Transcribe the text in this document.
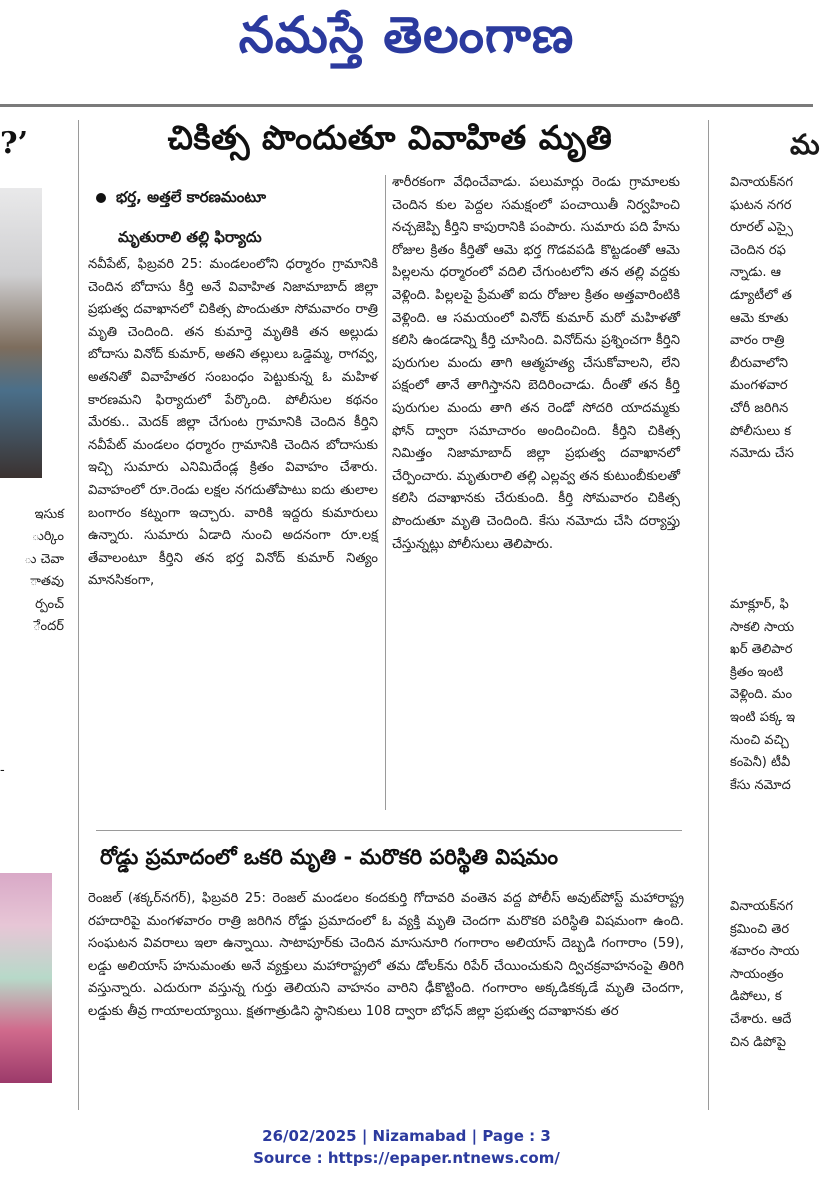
నమస్తే తెలంగాణ
?’
ఇసుక
ుర్కిం
ు చెవా
ాతవు
ర్పంచ్
ేందర్
-
చికిత్స పొందుతూ వివాహిత మృతి
భర్త, అత్తలే కారణమంటూ
మృతురాలి తల్లి ఫిర్యాదు

నవీపేట్, ఫిబ్రవరి 25: మండలంలోని ధర్మారం గ్రామానికి చెందిన బోదాసు కీర్తి అనే వివాహిత నిజామాబాద్ జిల్లా ప్రభుత్వ దవాఖానలో చికిత్స పొందుతూ సోమవారం రాత్రి మృతి చెందింది. తన కుమార్తె మృతికి తన అల్లుడు బోదాసు వినోద్ కుమార్, అతని తల్లులు ఒడ్డెమ్మ, రాగవ్వ, అతనితో వివాహేతర సంబంధం పెట్టుకున్న ఓ మహిళ కారణమని ఫిర్యాదులో పేర్కొంది. పోలీసుల కథనం మేరకు.. మెదక్ జిల్లా చేగుంట గ్రామానికి చెందిన కీర్తిని నవీపేట్ మండలం ధర్మారం గ్రామానికి చెందిన బోదాసుకు ఇచ్చి సుమారు ఎనిమిదేండ్ల క్రితం వివాహం చేశారు. వివాహంలో రూ.రెండు లక్షల నగదుతోపాటు ఐదు తులాల బంగారం కట్నంగా ఇచ్చారు. వారికి ఇద్దరు కుమారులు ఉన్నారు. సుమారు ఏడాది నుంచి అదనంగా రూ.లక్ష తేవాలంటూ కీర్తిని తన భర్త వినోద్ కుమార్ నిత్యం మానసికంగా,

శారీరకంగా వేధించేవాడు. పలుమార్లు రెండు గ్రామాలకు చెందిన కుల పెద్దల సమక్షంలో పంచాయితీ నిర్వహించి నచ్చజెప్పి కీర్తిని కాపురానికి పంపారు. సుమారు పది హేను రోజుల క్రితం కీర్తితో ఆమె భర్త గొడవపడి కొట్టడంతో ఆమె పిల్లలను ధర్మారంలో వదిలి చేగుంటలోని తన తల్లి వద్దకు వెళ్లింది. పిల్లలపై ప్రేమతో ఐదు రోజుల క్రితం అత్తవారింటికి వెళ్లింది. ఆ సమయంలో వినోద్ కుమార్ మరో మహిళతో కలిసి ఉండడాన్ని కీర్తి చూసింది. వినోద్‌ను ప్రశ్నించగా కీర్తిని పురుగుల మందు తాగి ఆత్మహత్య చేసుకోవాలని, లేని పక్షంలో తానే తాగిస్తానని బెదిరించాడు. దీంతో తన కీర్తి పురుగుల మందు తాగి తన రెండో సోదరి యాదమ్మకు ఫోన్ ద్వారా సమాచారం అందించింది. కీర్తిని చికిత్స నిమిత్తం నిజామాబాద్ జిల్లా ప్రభుత్వ దవాఖానలో చేర్పించారు. మృతురాలి తల్లి ఎల్లవ్వ తన కుటుంబీకులతో కలిసి దవాఖానకు చేరుకుంది. కీర్తి సోమవారం చికిత్స పొందుతూ మృతి చెందింది. కేసు నమోదు చేసి దర్యాప్తు చేస్తున్నట్లు పోలీసులు తెలిపారు.

రోడ్డు ప్రమాదంలో ఒకరి మృతి - మరొకరి పరిస్థితి విషమం

రెంజల్ (శక్కర్‌నగర్), ఫిబ్రవరి 25: రెంజల్ మండలం కందకుర్తి గోదావరి వంతెన వద్ద పోలీస్ అవుట్‌పోస్ట్ మహారాష్ట్ర రహదారిపై మంగళవారం రాత్రి జరిగిన రోడ్డు ప్రమాదంలో ఓ వ్యక్తి మృతి చెందగా మరొకరి పరిస్థితి విషమంగా ఉంది. సంఘటన వివరాలు ఇలా ఉన్నాయి. సాటాపూర్‌కు చెందిన మాసునూరి గంగారాం అలియాస్ దెబ్బడి గంగారాం (59), లడ్డు అలియాస్ హనుమంతు అనే వ్యక్తులు మహారాష్ట్రలో తమ డోలక్‌ను రిపేర్ చేయించుకుని ద్విచక్రవాహనంపై తిరిగి వస్తున్నారు. ఎదురుగా వస్తున్న గుర్తు తెలియని వాహనం వారిని ఢీకొట్టింది. గంగారాం అక్కడికక్కడే మృతి చెందగా, లడ్డుకు తీవ్ర గాయాలయ్యాయి. క్షతగాత్రుడిని స్థానికులు 108 ద్వారా బోధన్ జిల్లా ప్రభుత్వ దవాఖానకు తర

మ
వినాయక్‌నగ
ఘటన నగర
రూరల్ ఎస్సై
చెందిన రఫ
న్నాడు. ఆ
డ్యూటీలో త
ఆమె కూతు
వారం రాత్రి
బీరువాలోని
మంగళవార
చోరీ జరిగిన
పోలీసులు క
నమోదు చేస
మాక్లూర్, ఫి
సాకలి సాయ
ఖర్ తెలిపార
క్రితం ఇంటి
వెళ్లింది. మం
ఇంటి పక్క ఇ
నుంచి వచ్చి
కంపెనీ) టీవీ
కేసు నమోద
వినాయక్‌నగ
క్రమించి తెర
శవారం సాయ
సాయంత్రం
డిపోలు, క
చేశారు. ఆదే
చిన డిపోపై
26/02/2025 | Nizamabad | Page : 3
Source : https://epaper.ntnews.com/
